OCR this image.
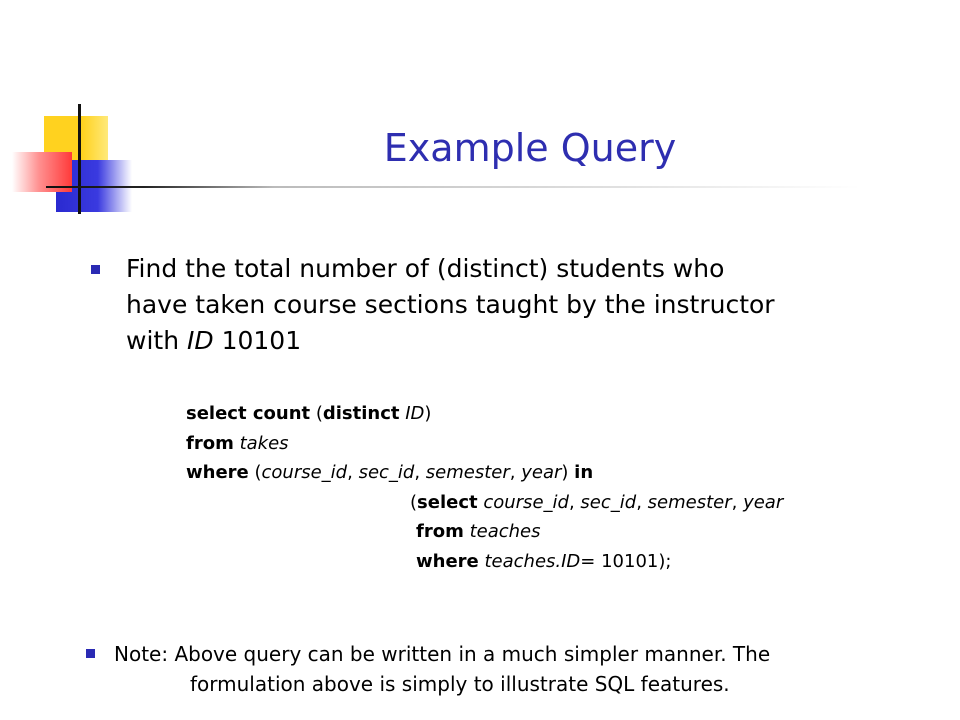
Example Query
Find the total number of (distinct) students who
have taken course sections taught by the instructor
with ID 10101
select count (distinct ID)
from takes
where (course_id, sec_id, semester, year) in
(select course_id, sec_id, semester, year
from teaches
where teaches.ID= 10101);
Note: Above query can be written in a much simpler manner. The
formulation above is simply to illustrate SQL features.
